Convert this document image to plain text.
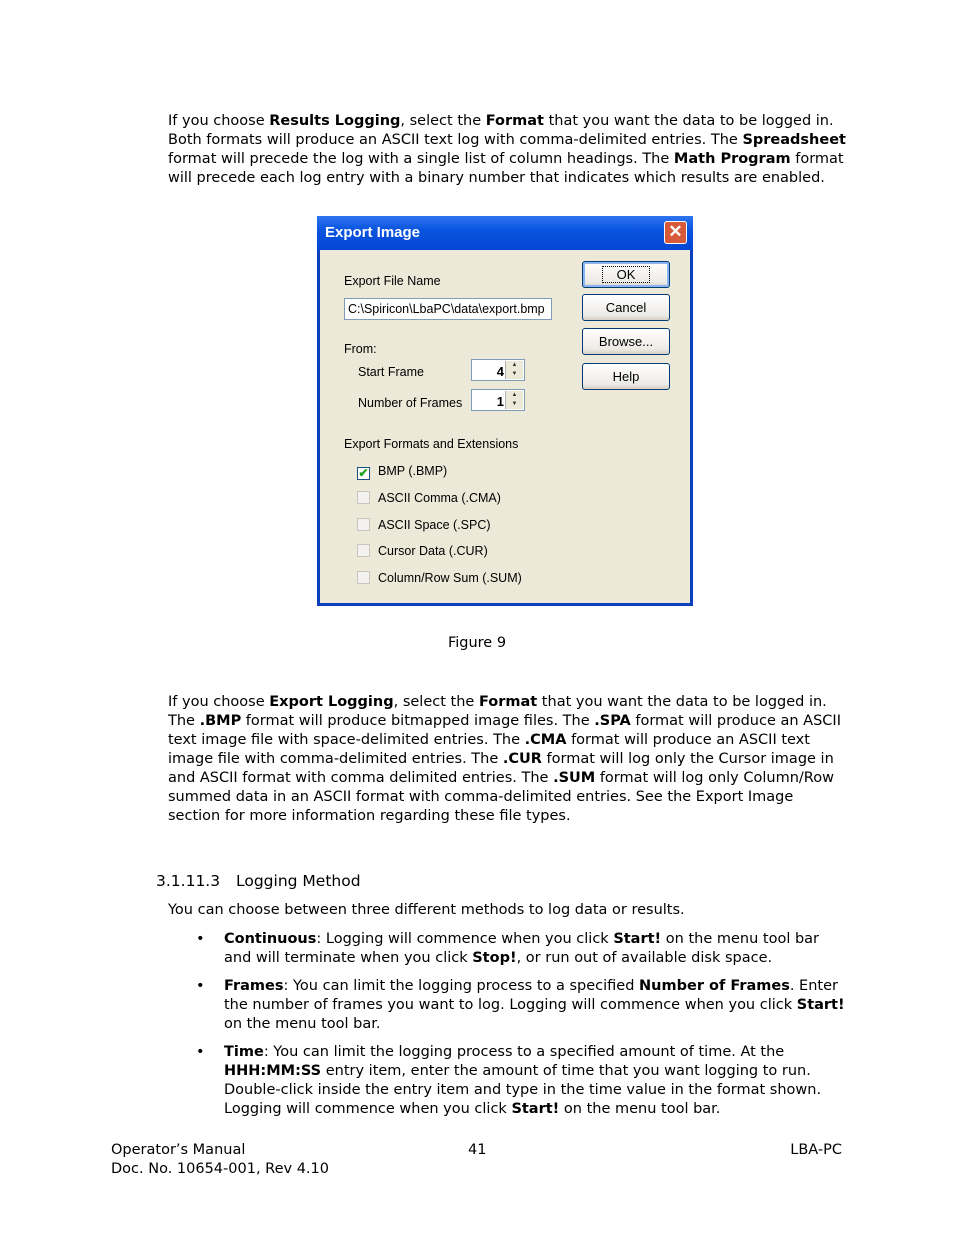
If you choose Results Logging, select the Format that you want the data to be logged in. Both formats will produce an ASCII text log with comma-delimited entries. The Spreadsheet format will precede the log with a single list of column headings. The Math Program format will precede each log entry with a binary number that indicates which results are enabled.

Export Image	✕
Export File Name
C:\Spiricon\LbaPC\data\export.bmp
From:
Start Frame	4	▲
▼
Number of Frames	1	▲
▼
Export Formats and Extensions
✔ BMP (.BMP)
ASCII Comma (.CMA)
ASCII Space (.SPC)
Cursor Data (.CUR)
Column/Row Sum (.SUM)
OK
Cancel
Browse...
Help
Figure 9

If you choose Export Logging, select the Format that you want the data to be logged in. The .BMP format will produce bitmapped image files. The .SPA format will produce an ASCII text image file with space-delimited entries. The .CMA format will produce an ASCII text image file with comma-delimited entries. The .CUR format will log only the Cursor image in and ASCII format with comma delimited entries. The .SUM format will log only Column/Row summed data in an ASCII format with comma-delimited entries. See the Export Image section for more information regarding these file types.

3.1.11.3 Logging Method

You can choose between three different methods to log data or results.

• Continuous: Logging will commence when you click Start! on the menu tool bar and will terminate when you click Stop!, or run out of available disk space.
• Frames: You can limit the logging process to a specified Number of Frames. Enter the number of frames you want to log. Logging will commence when you click Start! on the menu tool bar.
• Time: You can limit the logging process to a specified amount of time. At the HHH:MM:SS entry item, enter the amount of time that you want logging to run. Double-click inside the entry item and type in the time value in the format shown. Logging will commence when you click Start! on the menu tool bar.
Operator’s Manual
Doc. No. 10654-001, Rev 4.10
41	LBA-PC
